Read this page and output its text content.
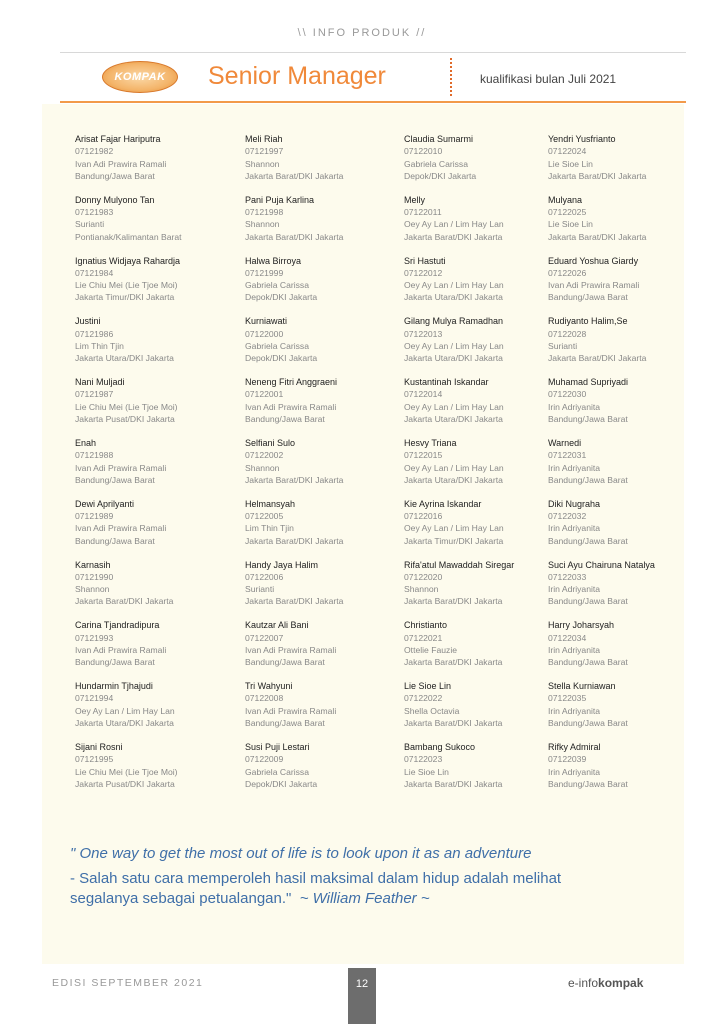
\\ INFO PRODUK //
KOMPAK	Senior Manager	kualifikasi bulan Juli 2021
Arisat Fajar Hariputra
07121982
Ivan Adi Prawira Ramali
Bandung/Jawa Barat
Donny Mulyono Tan
07121983
Surianti
Pontianak/Kalimantan Barat
Ignatius Widjaya Rahardja
07121984
Lie Chiu Mei (Lie Tjoe Moi)
Jakarta Timur/DKI Jakarta
Justini
07121986
Lim Thin Tjin
Jakarta Utara/DKI Jakarta
Nani Muljadi
07121987
Lie Chiu Mei (Lie Tjoe Moi)
Jakarta Pusat/DKI Jakarta
Enah
07121988
Ivan Adi Prawira Ramali
Bandung/Jawa Barat
Dewi Aprilyanti
07121989
Ivan Adi Prawira Ramali
Bandung/Jawa Barat
Karnasih
07121990
Shannon
Jakarta Barat/DKI Jakarta
Carina Tjandradipura
07121993
Ivan Adi Prawira Ramali
Bandung/Jawa Barat
Hundarmin Tjhajudi
07121994
Oey Ay Lan / Lim Hay Lan
Jakarta Utara/DKI Jakarta
Sijani Rosni
07121995
Lie Chiu Mei (Lie Tjoe Moi)
Jakarta Pusat/DKI Jakarta
Meli Riah
07121997
Shannon
Jakarta Barat/DKI Jakarta
Pani Puja Karlina
07121998
Shannon
Jakarta Barat/DKI Jakarta
Halwa Birroya
07121999
Gabriela Carissa
Depok/DKI Jakarta
Kurniawati
07122000
Gabriela Carissa
Depok/DKI Jakarta
Neneng Fitri Anggraeni
07122001
Ivan Adi Prawira Ramali
Bandung/Jawa Barat
Selfiani Sulo
07122002
Shannon
Jakarta Barat/DKI Jakarta
Helmansyah
07122005
Lim Thin Tjin
Jakarta Barat/DKI Jakarta
Handy Jaya Halim
07122006
Surianti
Jakarta Barat/DKI Jakarta
Kautzar Ali Bani
07122007
Ivan Adi Prawira Ramali
Bandung/Jawa Barat
Tri Wahyuni
07122008
Ivan Adi Prawira Ramali
Bandung/Jawa Barat
Susi Puji Lestari
07122009
Gabriela Carissa
Depok/DKI Jakarta
Claudia Sumarmi
07122010
Gabriela Carissa
Depok/DKI Jakarta
Melly
07122011
Oey Ay Lan / Lim Hay Lan
Jakarta Barat/DKI Jakarta
Sri Hastuti
07122012
Oey Ay Lan / Lim Hay Lan
Jakarta Utara/DKI Jakarta
Gilang Mulya Ramadhan
07122013
Oey Ay Lan / Lim Hay Lan
Jakarta Utara/DKI Jakarta
Kustantinah Iskandar
07122014
Oey Ay Lan / Lim Hay Lan
Jakarta Utara/DKI Jakarta
Hesvy Triana
07122015
Oey Ay Lan / Lim Hay Lan
Jakarta Utara/DKI Jakarta
Kie Ayrina Iskandar
07122016
Oey Ay Lan / Lim Hay Lan
Jakarta Timur/DKI Jakarta
Rifa'atul Mawaddah Siregar
07122020
Shannon
Jakarta Barat/DKI Jakarta
Christianto
07122021
Ottelie Fauzie
Jakarta Barat/DKI Jakarta
Lie Sioe Lin
07122022
Shella Octavia
Jakarta Barat/DKI Jakarta
Bambang Sukoco
07122023
Lie Sioe Lin
Jakarta Barat/DKI Jakarta
Yendri Yusfrianto
07122024
Lie Sioe Lin
Jakarta Barat/DKI Jakarta
Mulyana
07122025
Lie Sioe Lin
Jakarta Barat/DKI Jakarta
Eduard Yoshua Giardy
07122026
Ivan Adi Prawira Ramali
Bandung/Jawa Barat
Rudiyanto Halim,Se
07122028
Surianti
Jakarta Barat/DKI Jakarta
Muhamad Supriyadi
07122030
Irin Adriyanita
Bandung/Jawa Barat
Warnedi
07122031
Irin Adriyanita
Bandung/Jawa Barat
Diki Nugraha
07122032
Irin Adriyanita
Bandung/Jawa Barat
Suci Ayu Chairuna Natalya
07122033
Irin Adriyanita
Bandung/Jawa Barat
Harry Joharsyah
07122034
Irin Adriyanita
Bandung/Jawa Barat
Stella Kurniawan
07122035
Irin Adriyanita
Bandung/Jawa Barat
Rifky Admiral
07122039
Irin Adriyanita
Bandung/Jawa Barat
" One way to get the most out of life is to look upon it as an adventure
- Salah satu cara memperoleh hasil maksimal dalam hidup adalah melihat
segalanya sebagai petualangan." ~ William Feather ~
EDISI SEPTEMBER 2021	12	e-infokompak
